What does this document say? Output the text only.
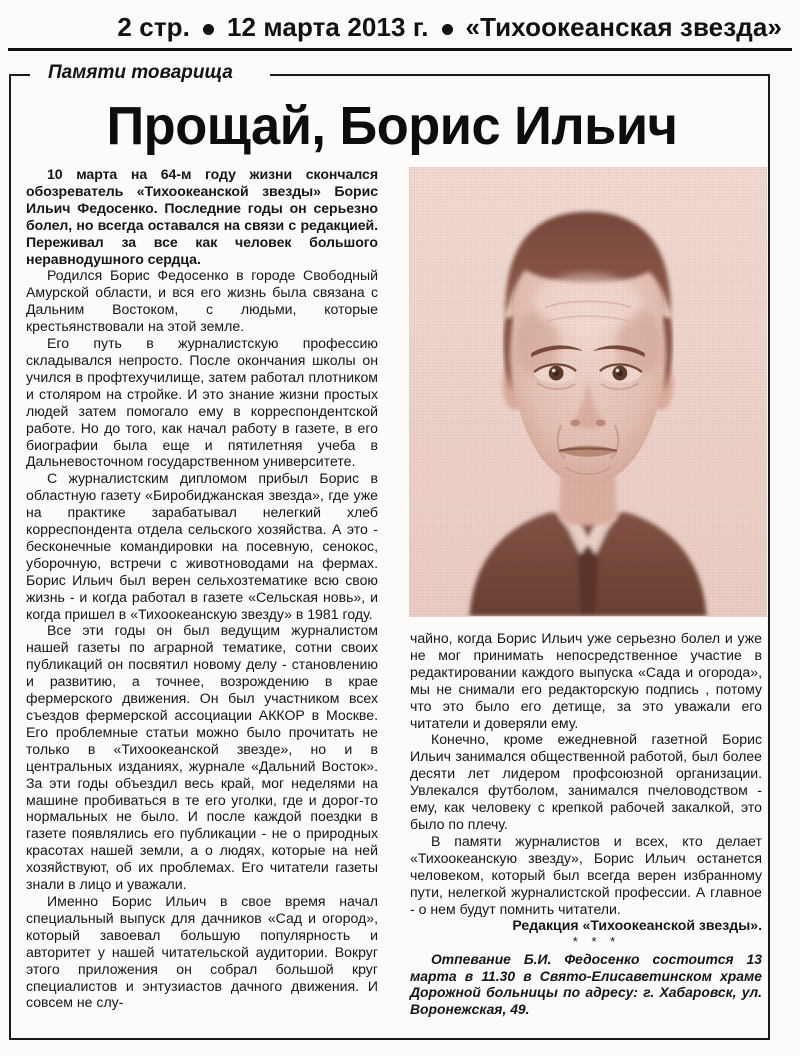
2 стр. 12 марта 2013 г. «Тихоокеанская звезда»
Памяти товарища
Прощай, Борис Ильич

10 марта на 64-м году жизни скончался обозреватель «Тихоокеанской звезды» Борис Ильич Федосенко. Последние годы он серьезно болел, но всегда оставался на связи с редакцией. Переживал за все как человек большого неравнодушного сердца.

Родился Борис Федосенко в городе Свободный Амурской области, и вся его жизнь была связана с Дальним Востоком, с людьми, которые крестьянствовали на этой земле.

Его путь в журналистскую профессию складывался непросто. После окончания школы он учился в профтехучилище, затем работал плотником и столяром на стройке. И это знание жизни простых людей затем помогало ему в корреспондентской работе. Но до того, как начал работу в газете, в его биографии была еще и пятилетняя учеба в Дальневосточном государственном университете.

С журналистским дипломом прибыл Борис в областную газету «Биробиджанская звезда», где уже на практике зарабатывал нелегкий хлеб корреспондента отдела сельского хозяйства. А это - бесконечные командировки на посевную, сенокос, уборочную, встречи с животноводами на фермах. Борис Ильич был верен сельхозтематике всю свою жизнь - и когда работал в газете «Сельская новь», и когда пришел в «Тихоокеанскую звезду» в 1981 году.

Все эти годы он был ведущим журналистом нашей газеты по аграрной тематике, сотни своих публикаций он посвятил новому делу - становлению и развитию, а точнее, возрождению в крае фермерского движения. Он был участником всех съездов фермерской ассоциации АККОР в Москве. Его проблемные статьи можно было прочитать не только в «Тихоокеанской звезде», но и в центральных изданиях, журнале «Дальний Восток». За эти годы объездил весь край, мог неделями на машине пробиваться в те его уголки, где и дорог-то нормальных не было. И после каждой поездки в газете появлялись его публикации - не о природных красотах нашей земли, а о людях, которые на ней хозяйствуют, об их проблемах. Его читатели газеты знали в лицо и уважали.

Именно Борис Ильич в свое время начал специальный выпуск для дачников «Сад и огород», который завоевал большую популярность и авторитет у нашей читательской аудитории. Вокруг этого приложения он собрал большой круг специалистов и энтузиастов дачного движения. И совсем не слу-

чайно, когда Борис Ильич уже серьезно болел и уже не мог принимать непосредственное участие в редактировании каждого выпуска «Сада и огорода», мы не снимали его редакторскую подпись , потому что это было его детище, за это уважали его читатели и доверяли ему.

Конечно, кроме ежедневной газетной Борис Ильич занимался общественной работой, был более десяти лет лидером профсоюзной организации. Увлекался футболом, занимался пчеловодством - ему, как человеку с крепкой рабочей закалкой, это было по плечу.

В памяти журналистов и всех, кто делает «Тихоокеанскую звезду», Борис Ильич останется человеком, который был всегда верен избранному пути, нелегкой журналистской профессии. А главное - о нем будут помнить читатели.

Редакция «Тихоокеанской звезды».

* * *

Отпевание Б.И. Федосенко состоится 13 марта в 11.30 в Свято-Елисаветинском храме Дорожной больницы по адресу: г. Хабаровск, ул. Воронежская, 49.
